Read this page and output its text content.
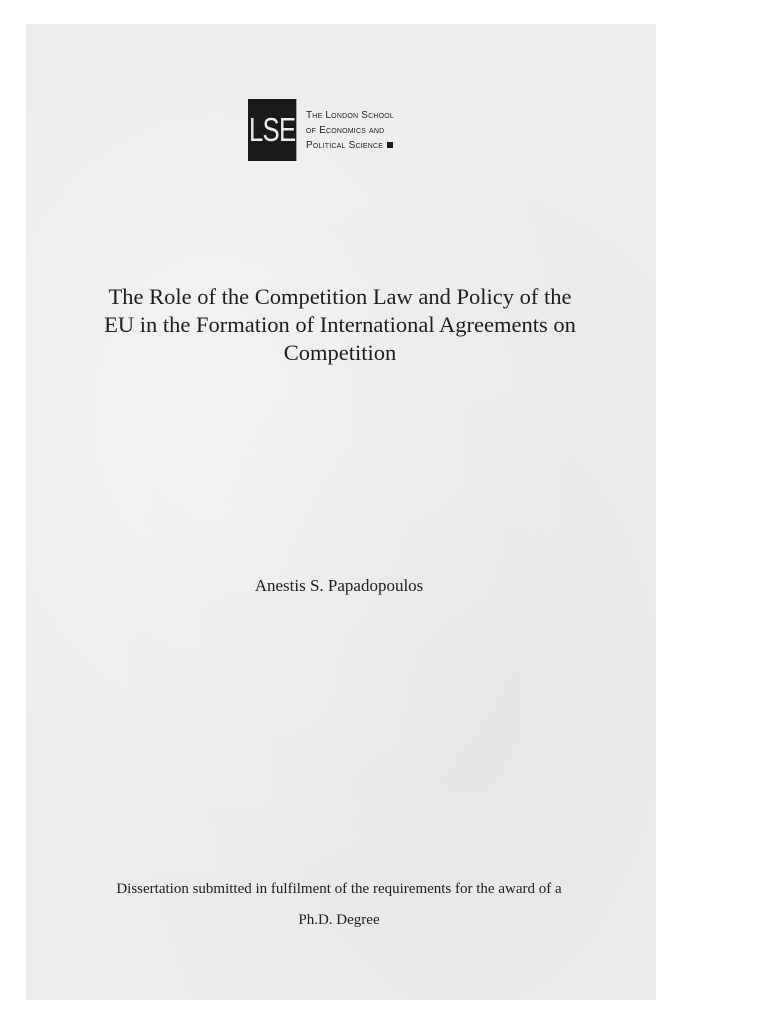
LSE The London School
of Economics and
Political Science
The Role of the Competition Law and Policy of the
EU in the Formation of International Agreements on
Competition
Anestis S. Papadopoulos
Dissertation submitted in fulfilment of the requirements for the award of a
Ph.D. Degree
